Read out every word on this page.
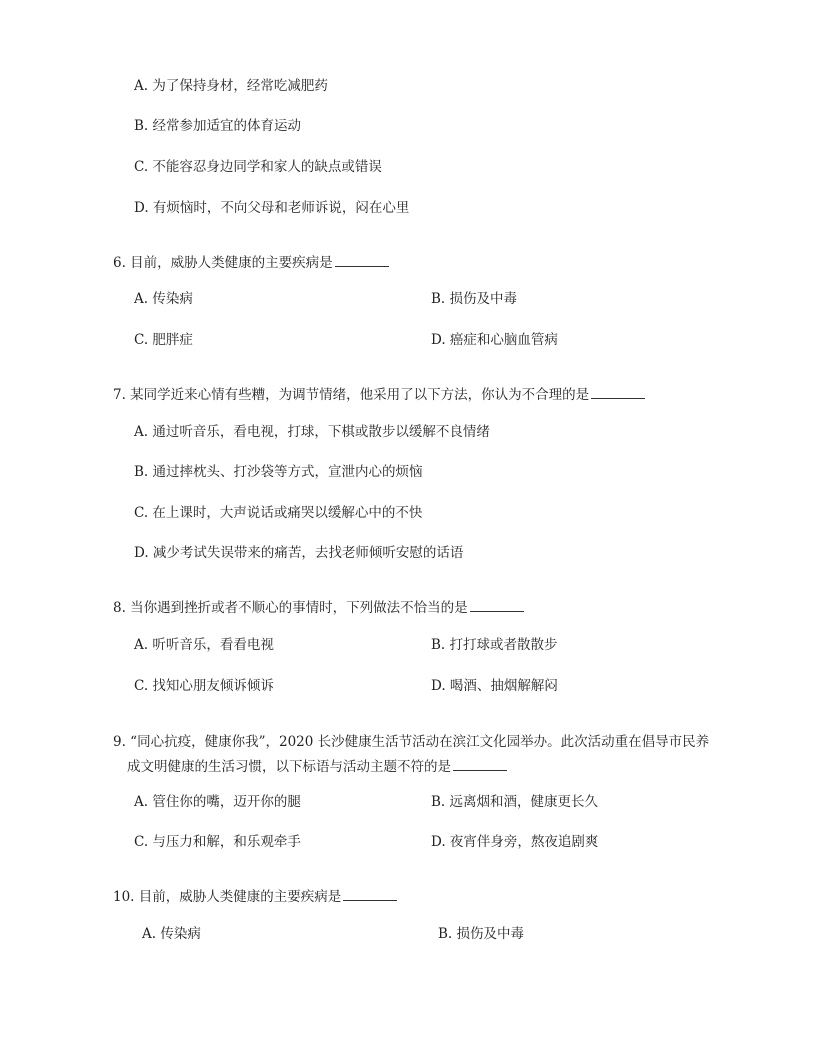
A. 为了保持身材，经常吃减肥药
B. 经常参加适宜的体育运动
C. 不能容忍身边同学和家人的缺点或错误
D. 有烦恼时，不向父母和老师诉说，闷在心里
6. 目前，威胁人类健康的主要疾病是
A. 传染病	B. 损伤及中毒
C. 肥胖症	D. 癌症和心脑血管病
7. 某同学近来心情有些糟，为调节情绪，他采用了以下方法，你认为不合理的是
A. 通过听音乐，看电视，打球，下棋或散步以缓解不良情绪
B. 通过摔枕头、打沙袋等方式，宣泄内心的烦恼
C. 在上课时，大声说话或痛哭以缓解心中的不快
D. 减少考试失误带来的痛苦，去找老师倾听安慰的话语
8. 当你遇到挫折或者不顺心的事情时，下列做法不恰当的是
A. 听听音乐，看看电视	B. 打打球或者散散步
C. 找知心朋友倾诉倾诉	D. 喝酒、抽烟解解闷
9. “同心抗疫，健康你我”，2020 长沙健康生活节活动在滨江文化园举办。此次活动重在倡导市民养
成文明健康的生活习惯，以下标语与活动主题不符的是
A. 管住你的嘴，迈开你的腿	B. 远离烟和酒，健康更长久
C. 与压力和解，和乐观牵手	D. 夜宵伴身旁，熬夜追剧爽
10. 目前，威胁人类健康的主要疾病是
A. 传染病	B. 损伤及中毒
